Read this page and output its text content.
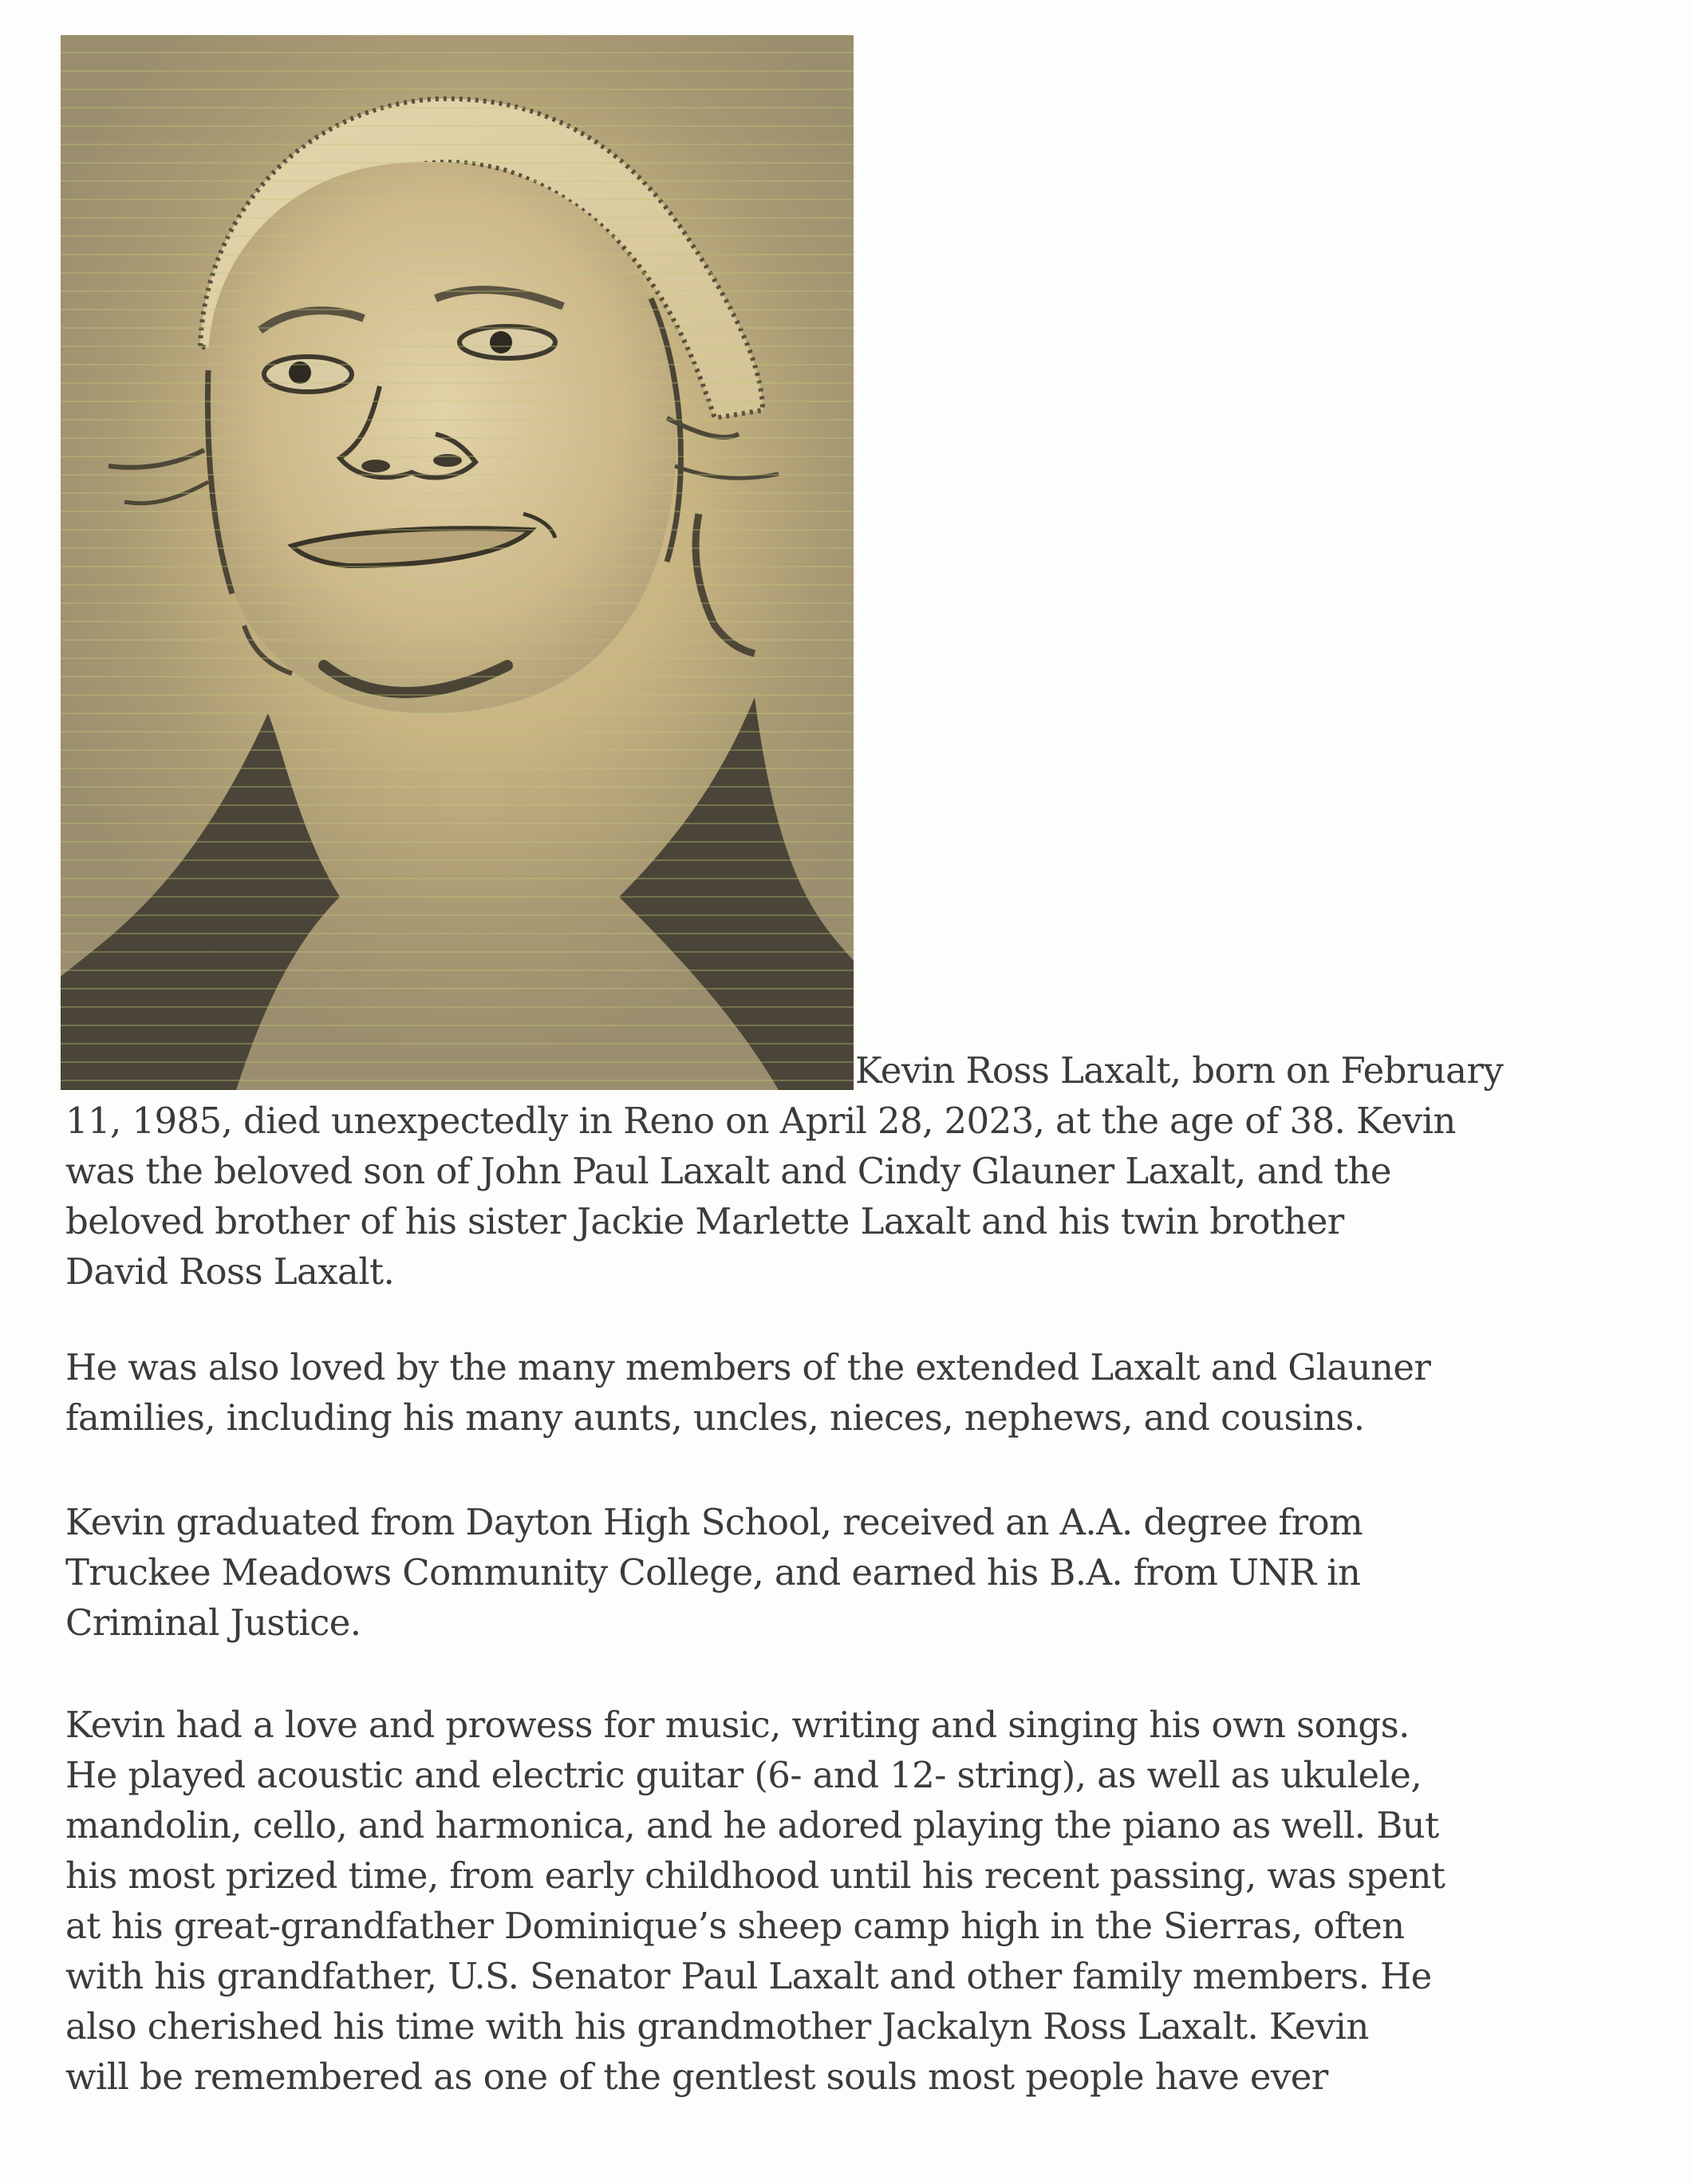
Kevin Ross Laxalt, born on February
11, 1985, died unexpectedly in Reno on April 28, 2023, at the age of 38. Kevin
was the beloved son of John Paul Laxalt and Cindy Glauner Laxalt, and the
beloved brother of his sister Jackie Marlette Laxalt and his twin brother
David Ross Laxalt.
He was also loved by the many members of the extended Laxalt and Glauner
families, including his many aunts, uncles, nieces, nephews, and cousins.
Kevin graduated from Dayton High School, received an A.A. degree from
Truckee Meadows Community College, and earned his B.A. from UNR in
Criminal Justice.
Kevin had a love and prowess for music, writing and singing his own songs.
He played acoustic and electric guitar (6- and 12- string), as well as ukulele,
mandolin, cello, and harmonica, and he adored playing the piano as well. But
his most prized time, from early childhood until his recent passing, was spent
at his great-grandfather Dominique’s sheep camp high in the Sierras, often
with his grandfather, U.S. Senator Paul Laxalt and other family members. He
also cherished his time with his grandmother Jackalyn Ross Laxalt. Kevin
will be remembered as one of the gentlest souls most people have ever
